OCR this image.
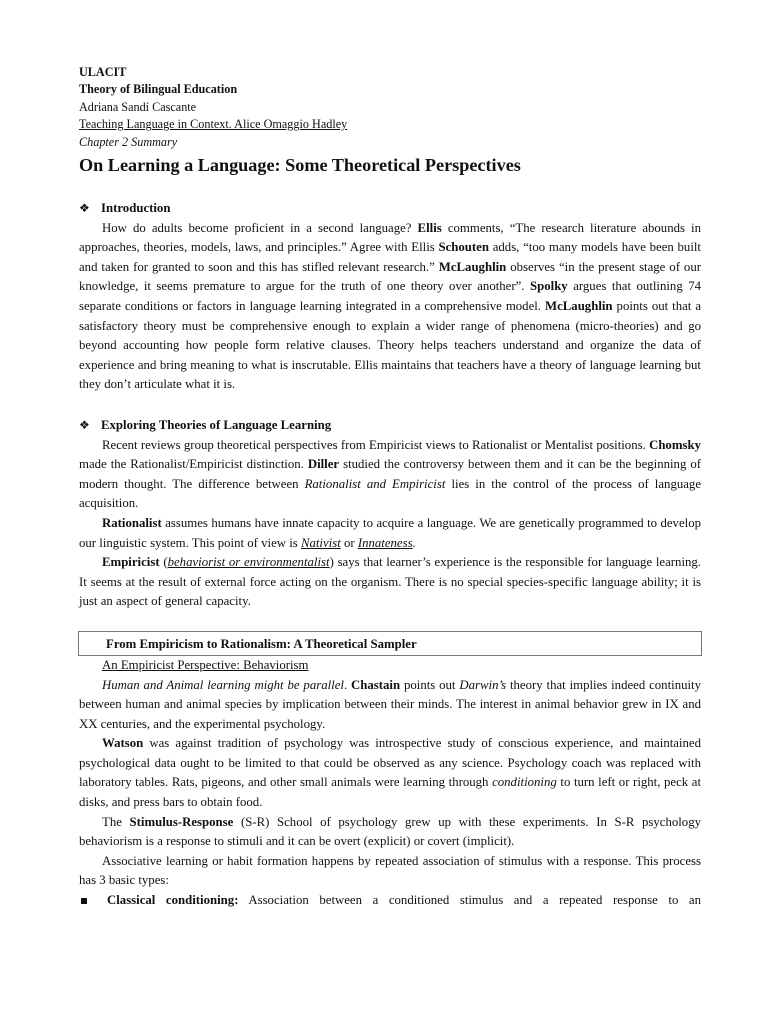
ULACIT
Theory of Bilingual Education
Adriana Sandí Cascante
Teaching Language in Context. Alice Omaggio Hadley
Chapter 2 Summary
On Learning a Language: Some Theoretical Perspectives
❖ Introduction

How do adults become proficient in a second language? Ellis comments, “The research literature abounds in approaches, theories, models, laws, and principles.” Agree with Ellis Schouten adds, “too many models have been built and taken for granted to soon and this has stifled relevant research.” McLaughlin observes “in the present stage of our knowledge, it seems premature to argue for the truth of one theory over another”. Spolky argues that outlining 74 separate conditions or factors in language learning integrated in a comprehensive model. McLaughlin points out that a satisfactory theory must be comprehensive enough to explain a wider range of phenomena (micro-theories) and go beyond accounting how people form relative clauses. Theory helps teachers understand and organize the data of experience and bring meaning to what is inscrutable. Ellis maintains that teachers have a theory of language learning but they don’t articulate what it is.

❖ Exploring Theories of Language Learning

Recent reviews group theoretical perspectives from Empiricist views to Rationalist or Mentalist positions. Chomsky made the Rationalist/Empiricist distinction. Diller studied the controversy between them and it can be the beginning of modern thought. The difference between Rationalist and Empiricist lies in the control of the process of language acquisition.

Rationalist assumes humans have innate capacity to acquire a language. We are genetically programmed to develop our linguistic system. This point of view is Nativist or Innateness.

Empiricist (behaviorist or environmentalist) says that learner’s experience is the responsible for language learning. It seems at the result of external force acting on the organism. There is no special species-specific language ability; it is just an aspect of general capacity.

From Empiricism to Rationalism: A Theoretical Sampler
An Empiricist Perspective: Behaviorism

Human and Animal learning might be parallel. Chastain points out Darwin’s theory that implies indeed continuity between human and animal species by implication between their minds. The interest in animal behavior grew in IX and XX centuries, and the experimental psychology.

Watson was against tradition of psychology was introspective study of conscious experience, and maintained psychological data ought to be limited to that could be observed as any science. Psychology coach was replaced with laboratory tables. Rats, pigeons, and other small animals were learning through conditioning to turn left or right, peck at disks, and press bars to obtain food.

The Stimulus-Response (S-R) School of psychology grew up with these experiments. In S-R psychology behaviorism is a response to stimuli and it can be overt (explicit) or covert (implicit).

Associative learning or habit formation happens by repeated association of stimulus with a response. This process has 3 basic types:

Classical conditioning: Association between a conditioned stimulus and a repeated response to an
